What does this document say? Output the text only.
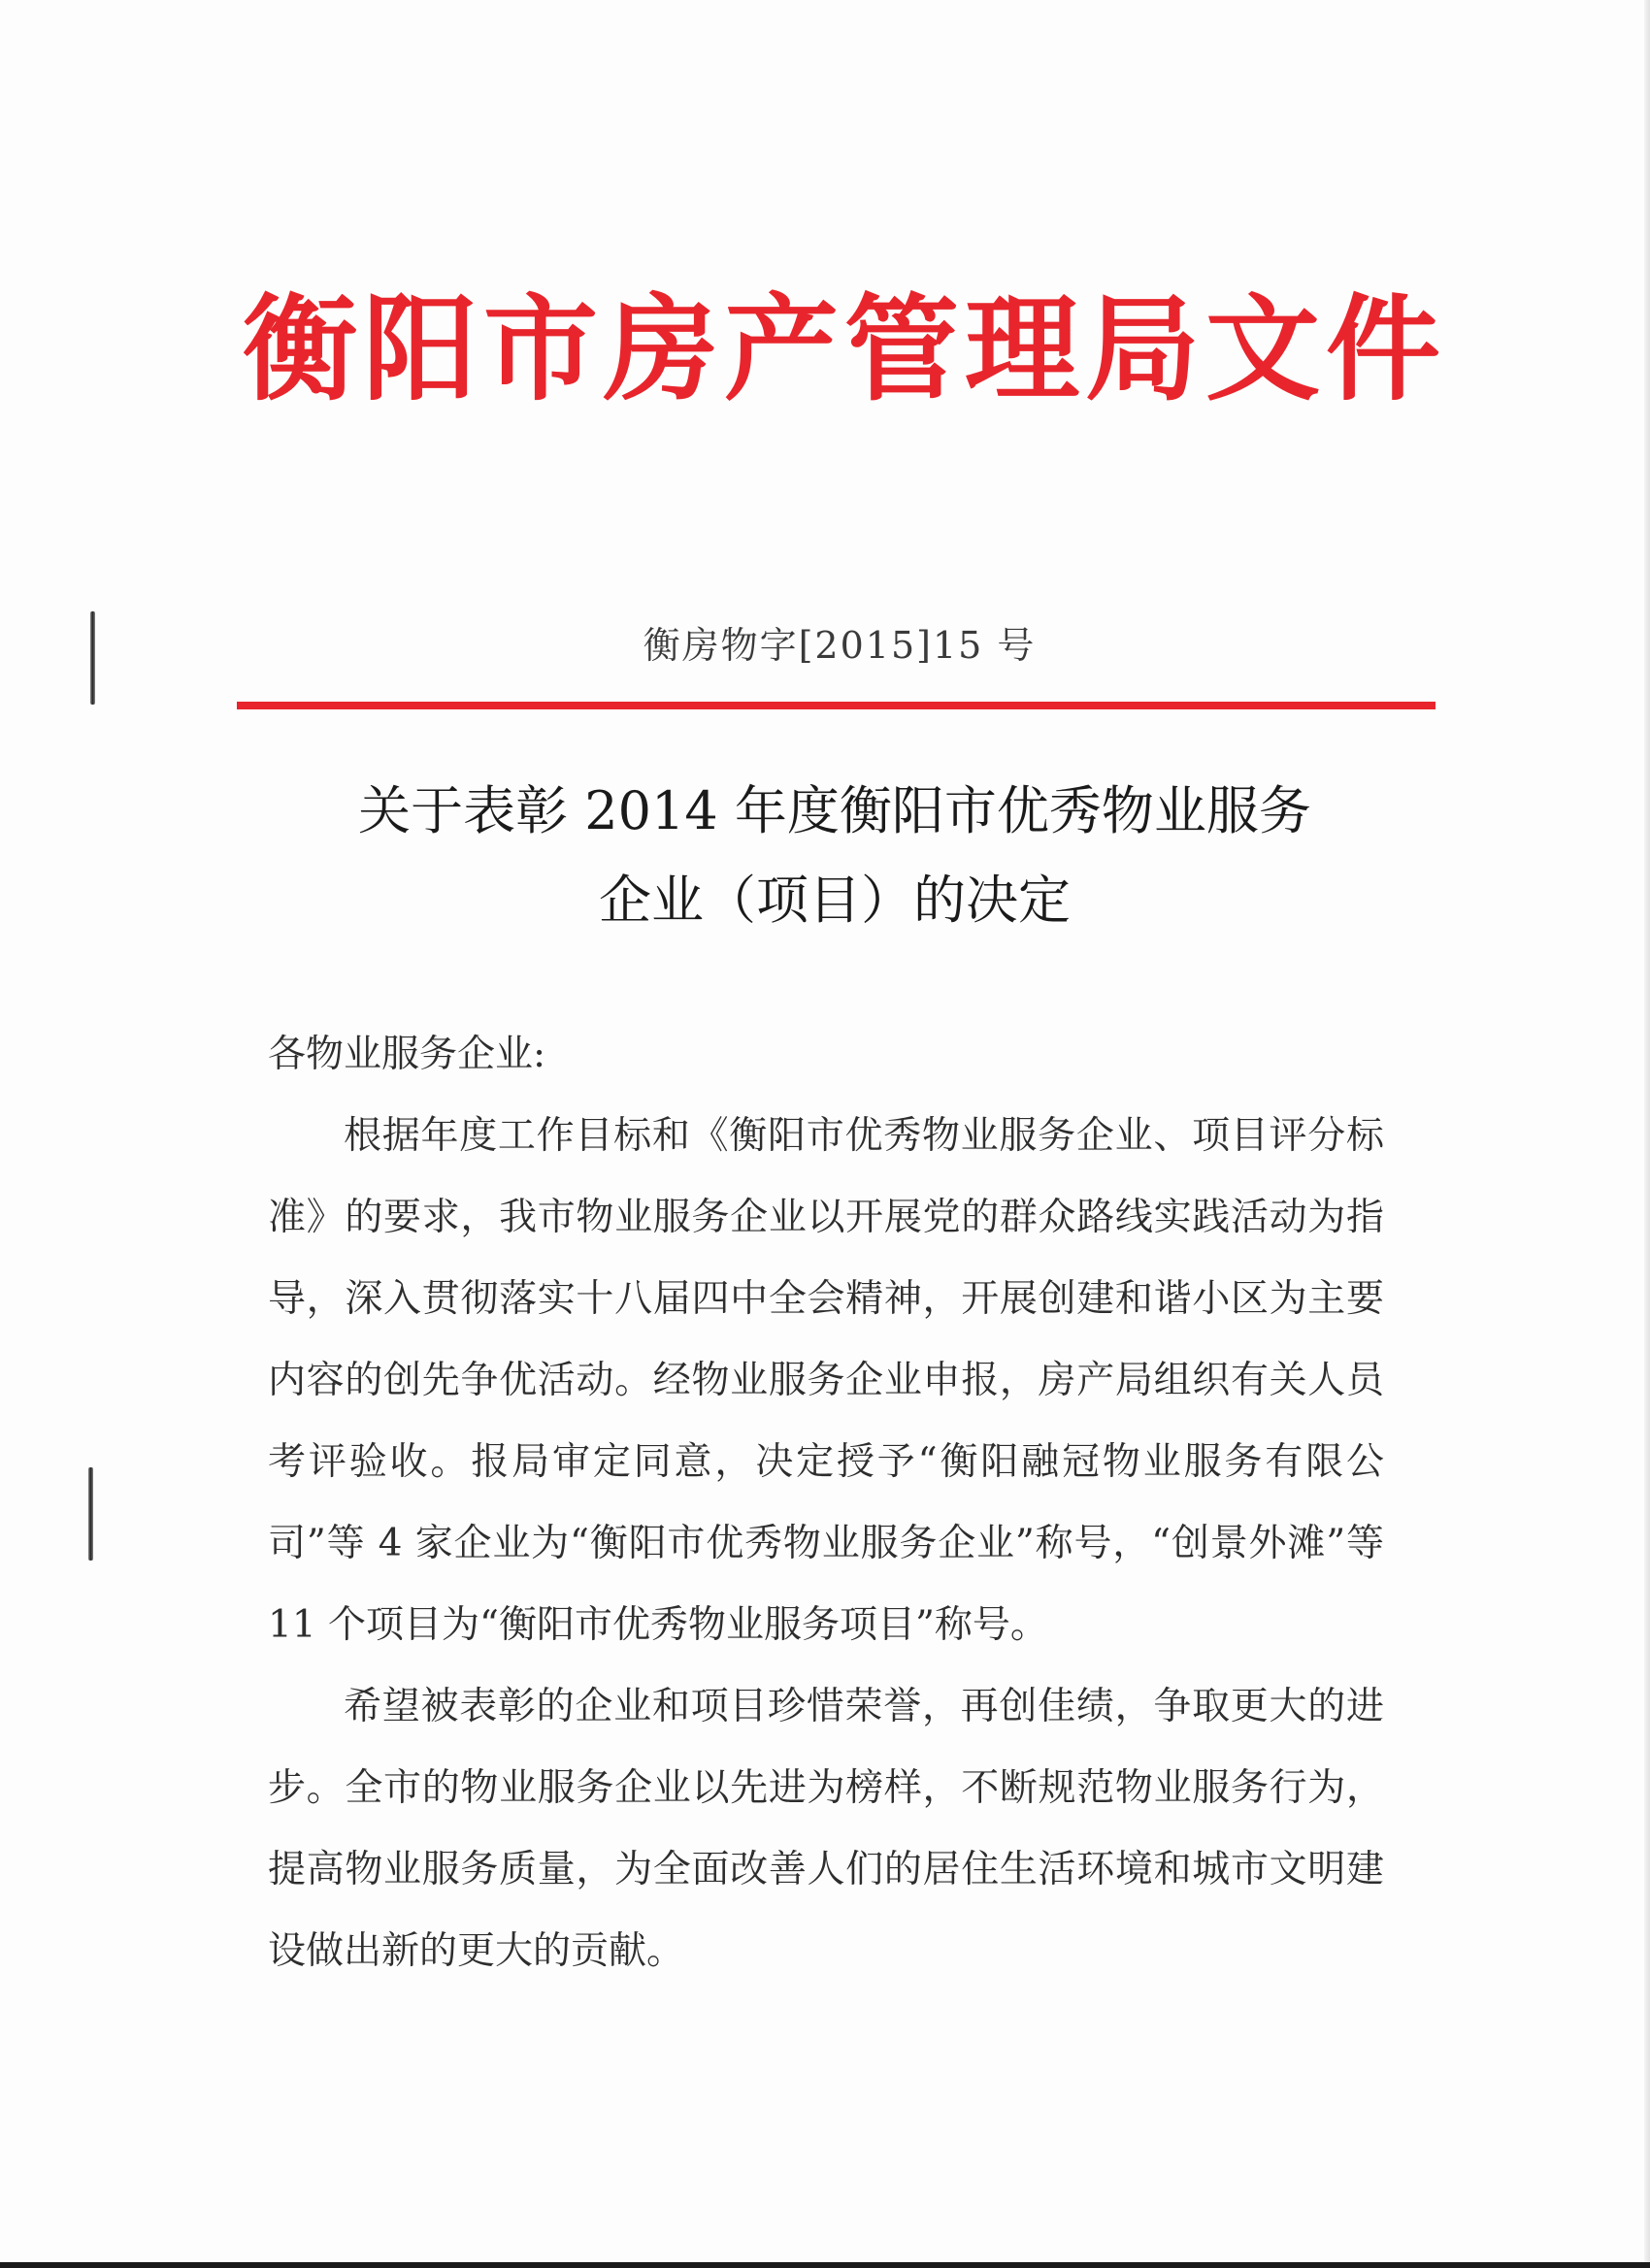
衡阳市房产管理局文件
衡房物字[2015]15 号
关于表彰 2014 年度衡阳市优秀物业服务
企业（项目）的决定

各物业服务企业:

根据年度工作目标和《衡阳市优秀物业服务企业、项目评分标准》的要求，我市物业服务企业以开展党的群众路线实践活动为指导，深入贯彻落实十八届四中全会精神，开展创建和谐小区为主要内容的创先争优活动。经物业服务企业申报，房产局组织有关人员考评验收。报局审定同意，决定授予“衡阳融冠物业服务有限公司”等 4 家企业为“衡阳市优秀物业服务企业”称号，“创景外滩”等 11 个项目为“衡阳市优秀物业服务项目”称号。

希望被表彰的企业和项目珍惜荣誉，再创佳绩，争取更大的进步。全市的物业服务企业以先进为榜样，不断规范物业服务行为，提高物业服务质量，为全面改善人们的居住生活环境和城市文明建设做出新的更大的贡献。
